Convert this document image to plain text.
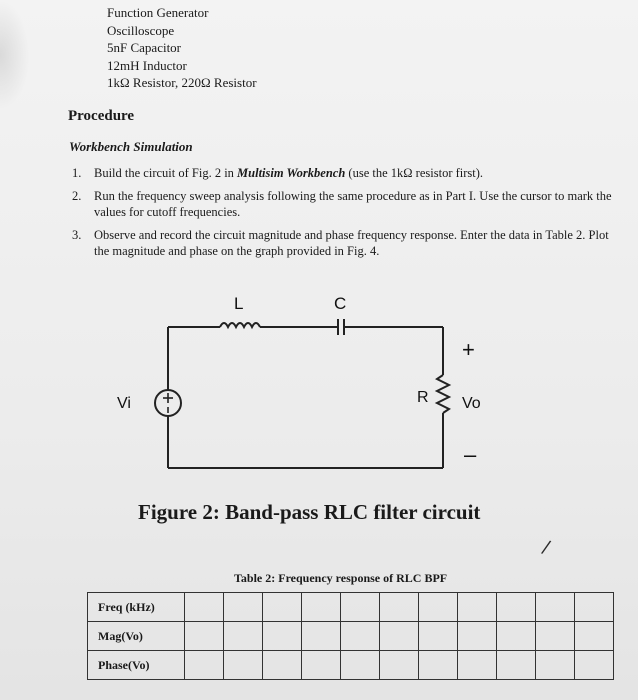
Function Generator
Oscilloscope
5nF Capacitor
12mH Inductor
1kΩ Resistor, 220Ω Resistor
Procedure
Workbench Simulation
1. Build the circuit of Fig. 2 in Multisim Workbench (use the 1kΩ resistor first).
2. Run the frequency sweep analysis following the same procedure as in Part I. Use the cursor to mark the values for cutoff frequencies.
3. Observe and record the circuit magnitude and phase frequency response. Enter the data in Table 2. Plot the magnitude and phase on the graph provided in Fig. 4.
L	C
R
Vi	Vo
+
–
Figure 2: Band-pass RLC filter circuit
/
Table 2: Frequency response of RLC BPF
Freq (kHz)											
Mag(Vo)											
Phase(Vo)											
